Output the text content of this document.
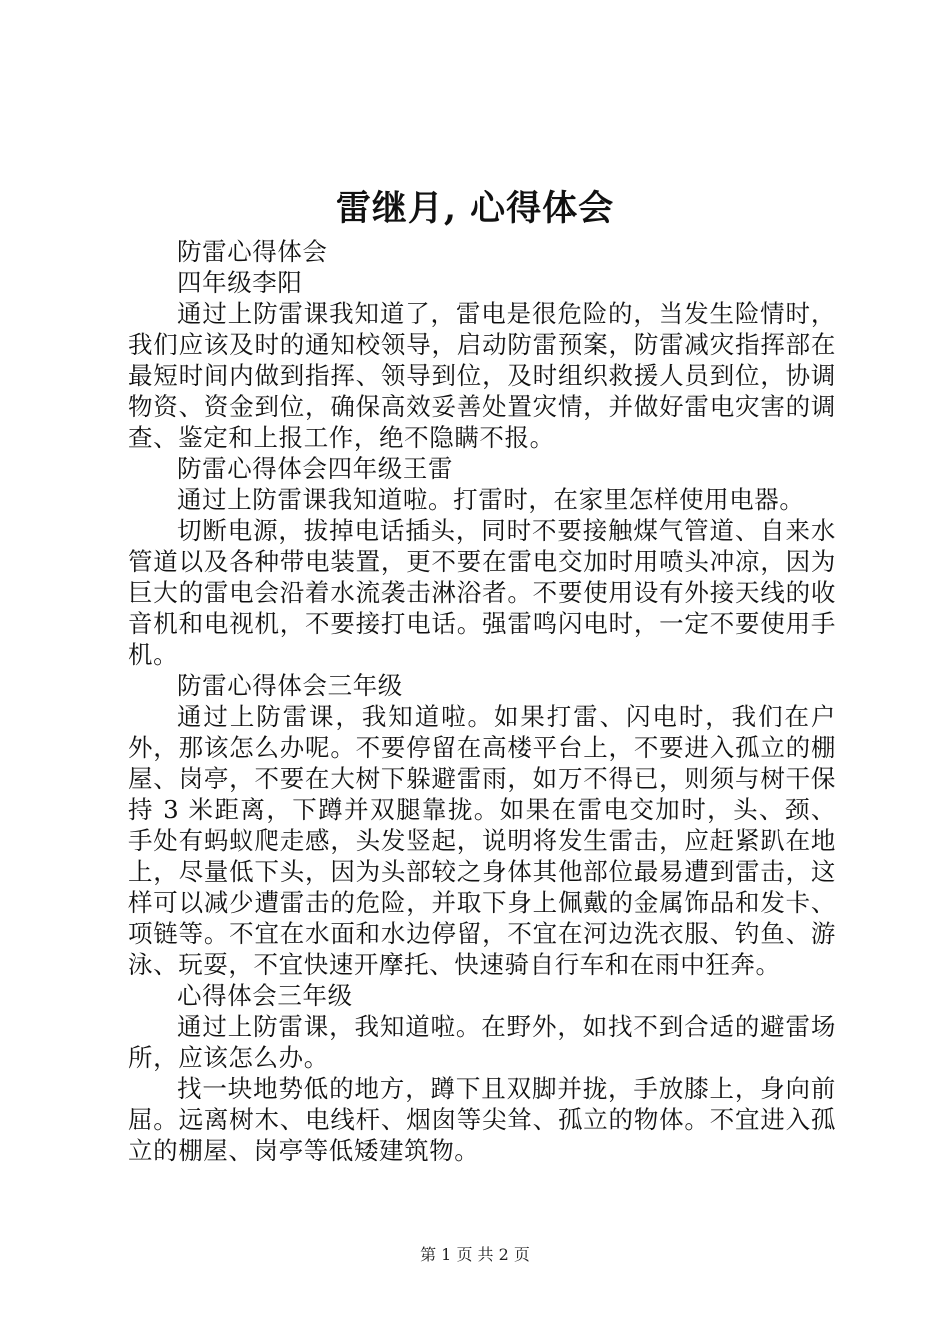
雷继月, 心得体会

防雷心得体会

四年级李阳

通过上防雷课我知道了，雷电是很危险的，当发生险情时，我们应该及时的通知校领导，启动防雷预案，防雷减灾指挥部在最短时间内做到指挥、领导到位，及时组织救援人员到位，协调物资、资金到位，确保高效妥善处置灾情，并做好雷电灾害的调查、鉴定和上报工作，绝不隐瞒不报。

防雷心得体会四年级王雷

通过上防雷课我知道啦。打雷时，在家里怎样使用电器。

切断电源，拔掉电话插头，同时不要接触煤气管道、自来水管道以及各种带电装置，更不要在雷电交加时用喷头冲凉，因为巨大的雷电会沿着水流袭击淋浴者。不要使用设有外接天线的收音机和电视机，不要接打电话。强雷鸣闪电时，一定不要使用手机。

防雷心得体会三年级

通过上防雷课，我知道啦。如果打雷、闪电时，我们在户外，那该怎么办呢。不要停留在高楼平台上，不要进入孤立的棚屋、岗亭，不要在大树下躲避雷雨，如万不得已，则须与树干保持 3 米距离，下蹲并双腿靠拢。如果在雷电交加时，头、颈、手处有蚂蚁爬走感，头发竖起，说明将发生雷击，应赶紧趴在地上，尽量低下头，因为头部较之身体其他部位最易遭到雷击，这样可以减少遭雷击的危险，并取下身上佩戴的金属饰品和发卡、项链等。不宜在水面和水边停留，不宜在河边洗衣服、钓鱼、游泳、玩耍，不宜快速开摩托、快速骑自行车和在雨中狂奔。

心得体会三年级

通过上防雷课，我知道啦。在野外，如找不到合适的避雷场所，应该怎么办。

找一块地势低的地方，蹲下且双脚并拢，手放膝上，身向前屈。远离树木、电线杆、烟囱等尖耸、孤立的物体。不宜进入孤立的棚屋、岗亭等低矮建筑物。

第 1 页 共 2 页
